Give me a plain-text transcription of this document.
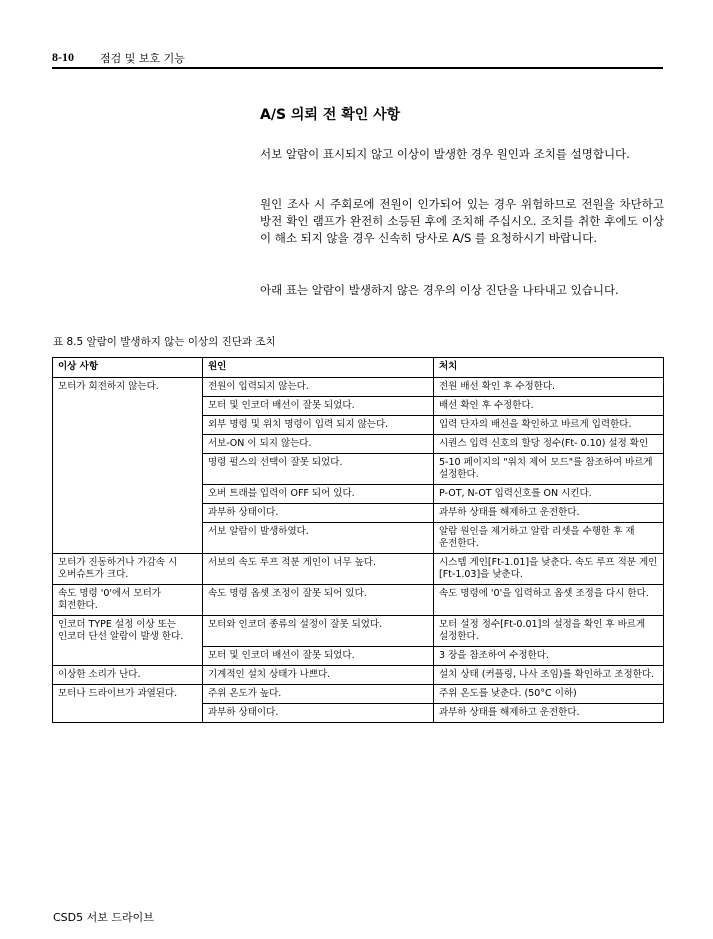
8-10 점검 및 보호 기능
A/S 의뢰 전 확인 사항

서보 알람이 표시되지 않고 이상이 발생한 경우 원인과 조치를 설명합니다.

원인 조사 시 주회로에 전원이 인가되어 있는 경우 위험하므로 전원을 차단하고 방전 확인 램프가 완전히 소등된 후에 조치해 주십시오. 조치를 취한 후에도 이상이 해소 되지 않을 경우 신속히 당사로 A/S 를 요청하시기 바랍니다.

아래 표는 알람이 발생하지 않은 경우의 이상 진단을 나타내고 있습니다.

표 8.5 알람이 발생하지 않는 이상의 진단과 조치
이상 사항	원인	처치
모터가 회전하지 않는다.	전원이 입력되지 않는다.	전원 배선 확인 후 수정한다.
	모터 및 인코더 배선이 잘못 되었다.	배선 확인 후 수정한다.
	외부 명령 및 위치 명령이 입력 되지 않는다.	입력 단자의 배선을 확인하고 바르게 입력한다.
	서보-ON 이 되지 않는다.	시퀀스 입력 신호의 할당 정수(Ft- 0.10) 설정 확인
	명령 펄스의 선택이 잘못 되었다.	5-10 페이지의 "위치 제어 모드"를 참조하여 바르게 설정한다.
	오버 트래블 입력이 OFF 되어 있다.	P-OT, N-OT 입력신호를 ON 시킨다.
	과부하 상태이다.	과부하 상태를 해제하고 운전한다.
	서보 알람이 발생하였다.	알람 원인을 제거하고 알람 리셋을 수행한 후 재 운전한다.
모터가 진동하거나 가감속 시 오버슈트가 크다.	서보의 속도 루프 적분 게인이 너무 높다.	시스템 게인[Ft-1.01]을 낮춘다. 속도 루프 적분 게인[Ft-1.03]을 낮춘다.
속도 명령 '0'에서 모터가 회전한다.	속도 명령 옵셋 조정이 잘못 되어 있다.	속도 명령에 '0'을 입력하고 옵셋 조정을 다시 한다.
인코더 TYPE 설정 이상 또는 인코더 단선 알람이 발생 한다.	모터와 인코더 종류의 설정이 잘못 되었다.	모터 설정 정수[Ft-0.01]의 설정을 확인 후 바르게 설정한다.
	모터 및 인코더 배선이 잘못 되었다.	3 장을 참조하여 수정한다.
이상한 소리가 난다.	기계적인 설치 상태가 나쁘다.	설치 상태 (커플링, 나사 조임)를 확인하고 조정한다.
모터나 드라이브가 과열된다.	주위 온도가 높다.	주위 온도를 낮춘다. (50°C 이하)
	과부하 상태이다.	과부하 상태를 해제하고 운전한다.
CSD5 서보 드라이브
